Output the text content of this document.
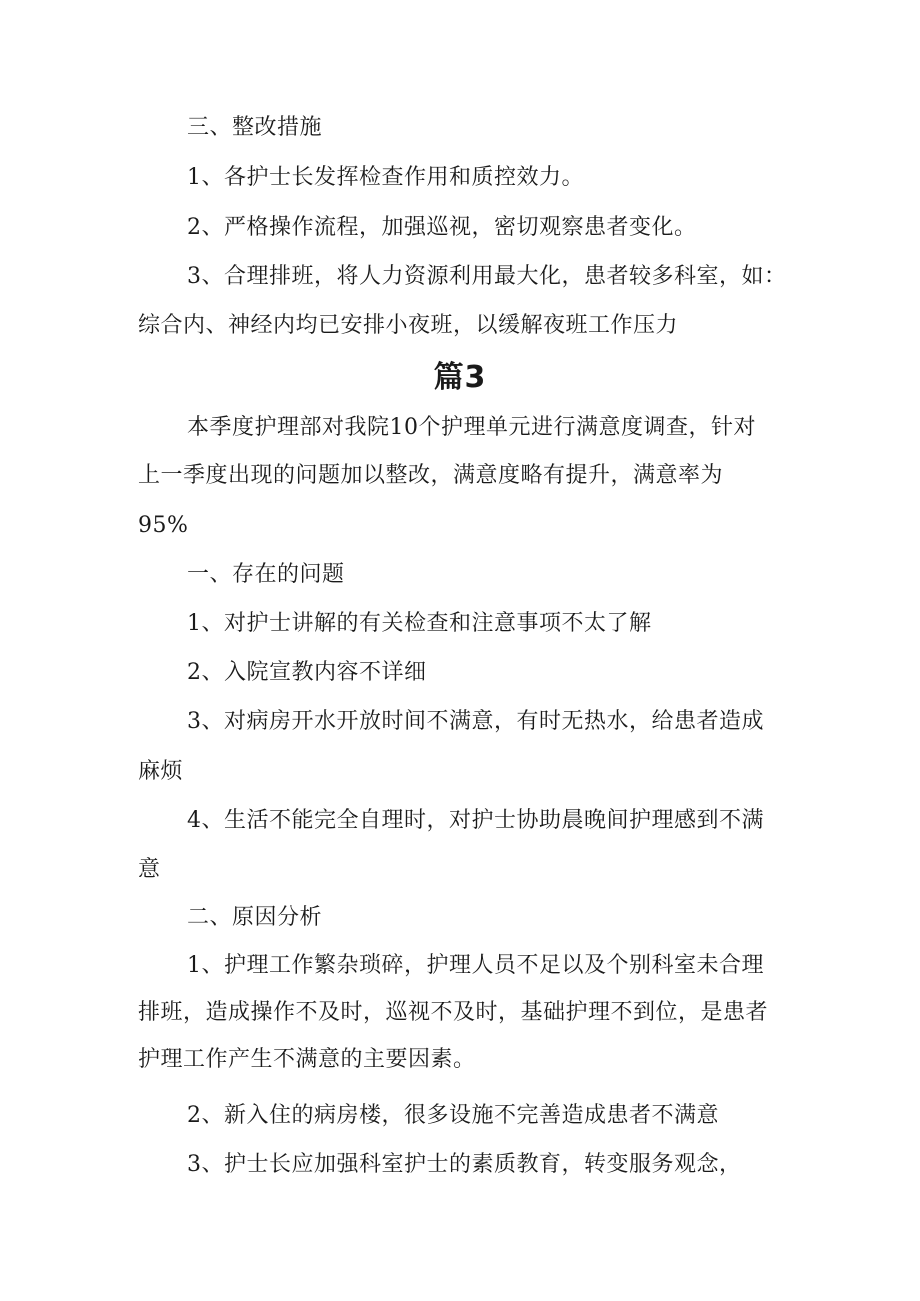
三、整改措施
1、各护士长发挥检查作用和质控效力。
2、严格操作流程，加强巡视，密切观察患者变化。
3、合理排班，将人力资源利用最大化，患者较多科室，如：
综合内、神经内均已安排小夜班，以缓解夜班工作压力
篇3
本季度护理部对我院10个护理单元进行满意度调查，针对
上一季度出现的问题加以整改，满意度略有提升，满意率为
95%
一、存在的问题
1、对护士讲解的有关检查和注意事项不太了解
2、入院宣教内容不详细
3、对病房开水开放时间不满意，有时无热水，给患者造成
麻烦
4、生活不能完全自理时，对护士协助晨晚间护理感到不满
意
二、原因分析
1、护理工作繁杂琐碎，护理人员不足以及个别科室未合理
排班，造成操作不及时，巡视不及时，基础护理不到位，是患者
护理工作产生不满意的主要因素。
2、新入住的病房楼，很多设施不完善造成患者不满意
3、护士长应加强科室护士的素质教育，转变服务观念，
